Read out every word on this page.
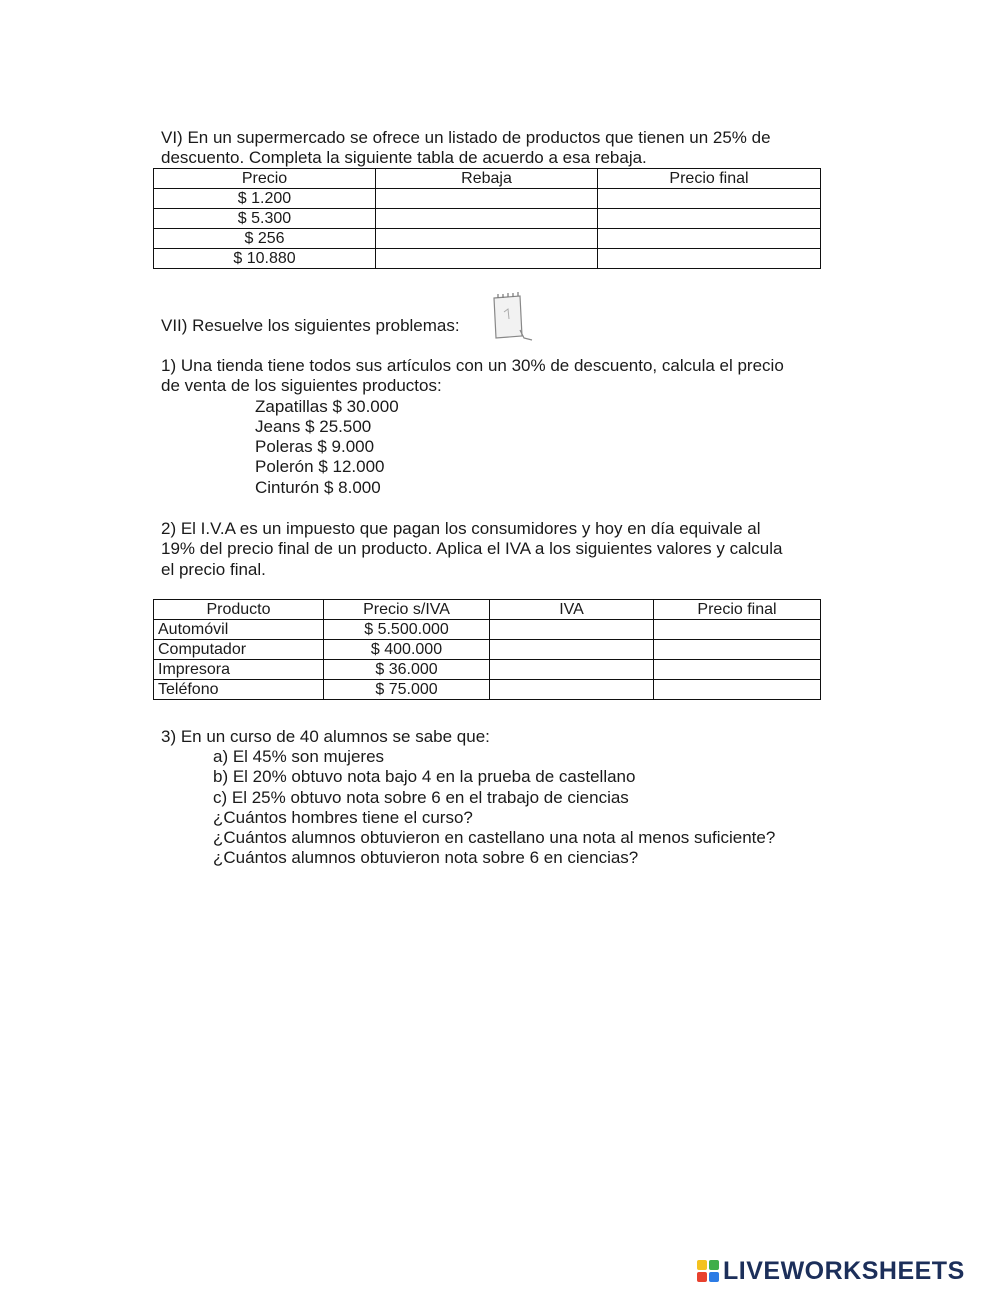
VI) En un supermercado se ofrece un listado de productos que tienen un 25% de
descuento. Completa la siguiente tabla de acuerdo a esa rebaja.
Precio	Rebaja	Precio final
$ 1.200		
$ 5.300		
$ 256		
$ 10.880		
VII) Resuelve los siguientes problemas:
1) Una tienda tiene todos sus artículos con un 30% de descuento, calcula el precio
de venta de los siguientes productos:
Zapatillas $ 30.000
Jeans $ 25.500
Poleras $ 9.000
Polerón $ 12.000
Cinturón $ 8.000
2) El I.V.A es un impuesto que pagan los consumidores y hoy en día equivale al
19% del precio final de un producto. Aplica el IVA a los siguientes valores y calcula
el precio final.
Producto	Precio s/IVA	IVA	Precio final
Automóvil	$ 5.500.000		
Computador	$ 400.000		
Impresora	$ 36.000		
Teléfono	$ 75.000		
3) En un curso de 40 alumnos se sabe que:
a) El 45% son mujeres
b) El 20% obtuvo nota bajo 4 en la prueba de castellano
c) El 25% obtuvo nota sobre 6 en el trabajo de ciencias
¿Cuántos hombres tiene el curso?
¿Cuántos alumnos obtuvieron en castellano una nota al menos suficiente?
¿Cuántos alumnos obtuvieron nota sobre 6 en ciencias?
LIVEWORKSHEETS
